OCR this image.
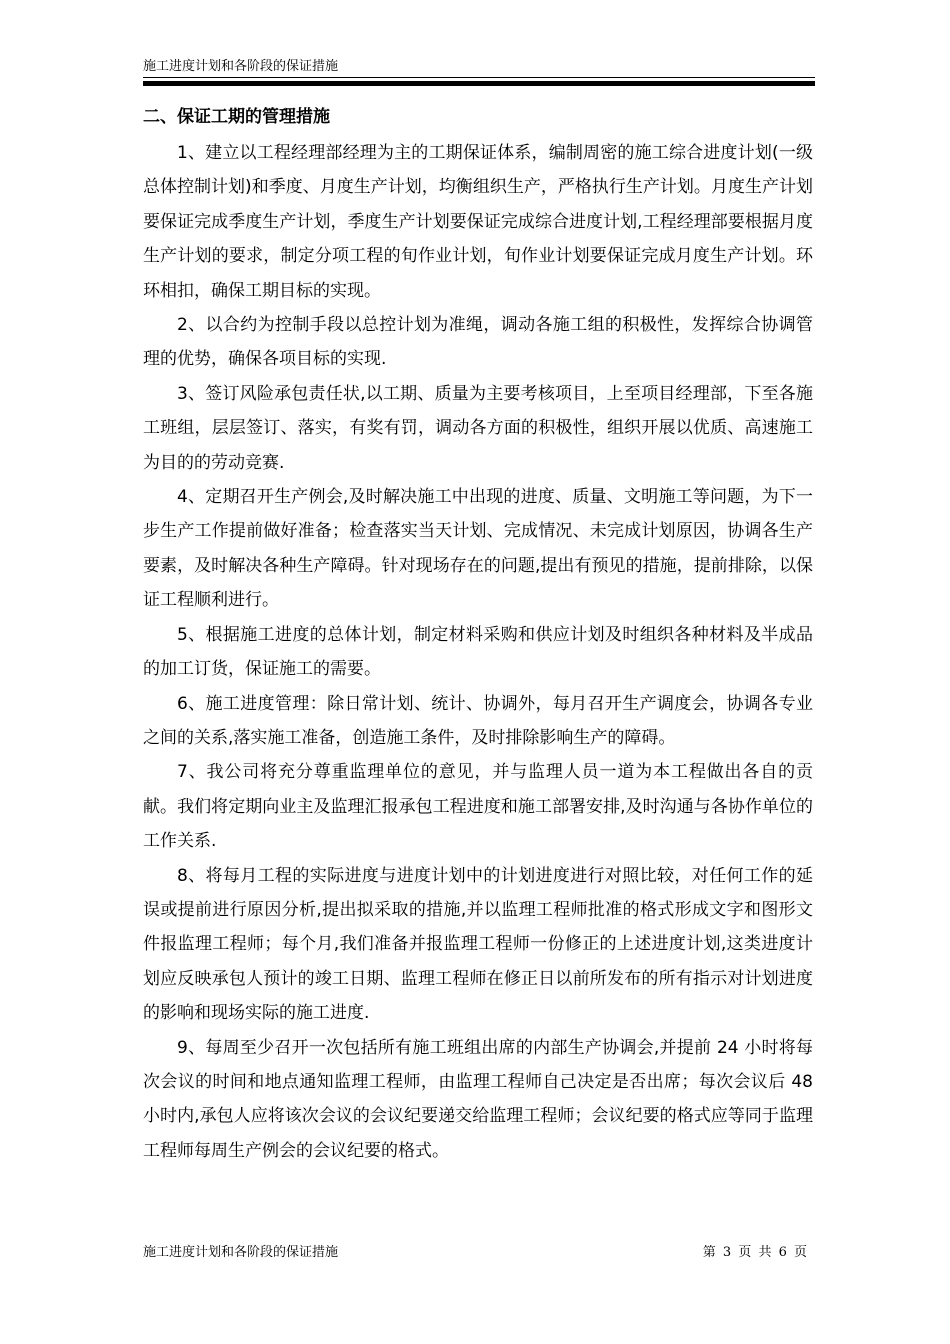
施工进度计划和各阶段的保证措施
二、保证工期的管理措施

1、建立以工程经理部经理为主的工期保证体系，编制周密的施工综合进度计划(一级总体控制计划)和季度、月度生产计划，均衡组织生产，严格执行生产计划。月度生产计划要保证完成季度生产计划，季度生产计划要保证完成综合进度计划,工程经理部要根据月度生产计划的要求，制定分项工程的旬作业计划，旬作业计划要保证完成月度生产计划。环环相扣，确保工期目标的实现。

2、以合约为控制手段以总控计划为准绳，调动各施工组的积极性，发挥综合协调管理的优势，确保各项目标的实现.

3、签订风险承包责任状,以工期、质量为主要考核项目，上至项目经理部，下至各施工班组，层层签订、落实，有奖有罚，调动各方面的积极性，组织开展以优质、高速施工为目的的劳动竞赛.

4、定期召开生产例会,及时解决施工中出现的进度、质量、文明施工等问题，为下一步生产工作提前做好准备；检查落实当天计划、完成情况、未完成计划原因，协调各生产要素，及时解决各种生产障碍。针对现场存在的问题,提出有预见的措施，提前排除，以保证工程顺利进行。

5、根据施工进度的总体计划，制定材料采购和供应计划及时组织各种材料及半成品的加工订货，保证施工的需要。

6、施工进度管理：除日常计划、统计、协调外，每月召开生产调度会，协调各专业之间的关系,落实施工准备，创造施工条件，及时排除影响生产的障碍。

7、我公司将充分尊重监理单位的意见，并与监理人员一道为本工程做出各自的贡献。我们将定期向业主及监理汇报承包工程进度和施工部署安排,及时沟通与各协作单位的工作关系.

8、将每月工程的实际进度与进度计划中的计划进度进行对照比较，对任何工作的延误或提前进行原因分析,提出拟采取的措施,并以监理工程师批准的格式形成文字和图形文件报监理工程师；每个月,我们准备并报监理工程师一份修正的上述进度计划,这类进度计划应反映承包人预计的竣工日期、监理工程师在修正日以前所发布的所有指示对计划进度的影响和现场实际的施工进度.

9、每周至少召开一次包括所有施工班组出席的内部生产协调会,并提前 24 小时将每次会议的时间和地点通知监理工程师，由监理工程师自己决定是否出席；每次会议后 48 小时内,承包人应将该次会议的会议纪要递交给监理工程师；会议纪要的格式应等同于监理工程师每周生产例会的会议纪要的格式。

施工进度计划和各阶段的保证措施	第 3 页 共 6 页
